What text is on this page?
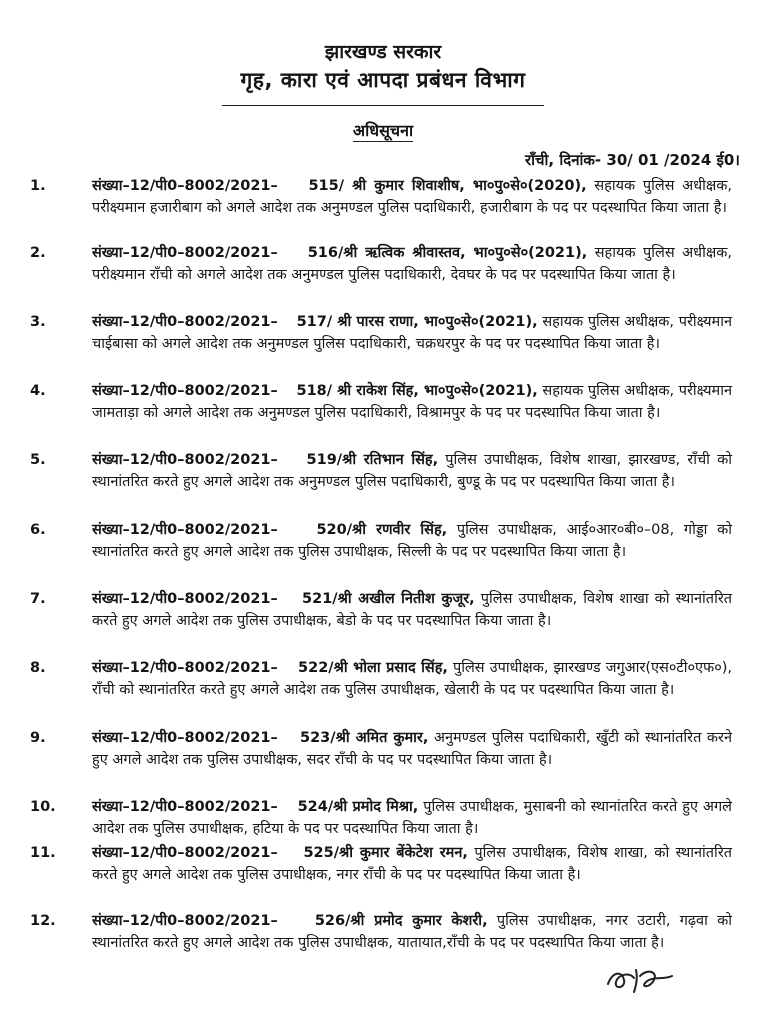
झारखण्ड सरकार
गृह, कारा एवं आपदा प्रबंधन विभाग
अधिसूचना
राँची, दिनांक- 30/ 01 /2024 ई0।
1.	संख्या–12/पी0–8002/2021– 515/ श्री कुमार शिवाशीष, भा०पु०से०(2020), सहायक पुलिस अधीक्षक, परीक्ष्यमान हजारीबाग को अगले आदेश तक अनुमण्डल पुलिस पदाधिकारी, हजारीबाग के पद पर पदस्थापित किया जाता है।
2.	संख्या–12/पी0–8002/2021– 516/श्री ऋत्विक श्रीवास्तव, भा०पु०से०(2021), सहायक पुलिस अधीक्षक, परीक्ष्यमान राँची को अगले आदेश तक अनुमण्डल पुलिस पदाधिकारी, देवघर के पद पर पदस्थापित किया जाता है।
3.	संख्या–12/पी0–8002/2021– 517/ श्री पारस राणा, भा०पु०से०(2021), सहायक पुलिस अधीक्षक, परीक्ष्यमान चाईबासा को अगले आदेश तक अनुमण्डल पुलिस पदाधिकारी, चक्रधरपुर के पद पर पदस्थापित किया जाता है।
4.	संख्या–12/पी0–8002/2021– 518/ श्री राकेश सिंह, भा०पु०से०(2021), सहायक पुलिस अधीक्षक, परीक्ष्यमान जामताड़ा को अगले आदेश तक अनुमण्डल पुलिस पदाधिकारी, विश्रामपुर के पद पर पदस्थापित किया जाता है।
5.	संख्या–12/पी0–8002/2021– 519/श्री रतिभान सिंह, पुलिस उपाधीक्षक, विशेष शाखा, झारखण्ड, राँची को स्थानांतरित करते हुए अगले आदेश तक अनुमण्डल पुलिस पदाधिकारी, बुण्डू के पद पर पदस्थापित किया जाता है।
6.	संख्या–12/पी0–8002/2021–	520/श्री रणवीर सिंह, पुलिस उपाधीक्षक, आई०आर०बी०–08, गोड्डा को स्थानांतरित करते हुए अगले आदेश तक पुलिस उपाधीक्षक, सिल्ली के पद पर पदस्थापित किया जाता है।
7.	संख्या–12/पी0–8002/2021– 521/श्री अखील नितीश कुजूर, पुलिस उपाधीक्षक, विशेष शाखा को स्थानांतरित करते हुए अगले आदेश तक पुलिस उपाधीक्षक, बेडो के पद पर पदस्थापित किया जाता है।
8.	संख्या–12/पी0–8002/2021– 522/श्री भोला प्रसाद सिंह, पुलिस उपाधीक्षक, झारखण्ड जगुआर(एस०टी०एफ०), राँची को स्थानांतरित करते हुए अगले आदेश तक पुलिस उपाधीक्षक, खेलारी के पद पर पदस्थापित किया जाता है।
9.	संख्या–12/पी0–8002/2021– 523/श्री अमित कुमार, अनुमण्डल पुलिस पदाधिकारी, खुँटी को स्थानांतरित करने हुए अगले आदेश तक पुलिस उपाधीक्षक, सदर राँची के पद पर पदस्थापित किया जाता है।
10.	संख्या–12/पी0–8002/2021– 524/श्री प्रमोद मिश्रा, पुलिस उपाधीक्षक, मुसाबनी को स्थानांतरित करते हुए अगले आदेश तक पुलिस उपाधीक्षक, हटिया के पद पर पदस्थापित किया जाता है।
11.	संख्या–12/पी0–8002/2021– 525/श्री कुमार बेंकेटेश रमन, पुलिस उपाधीक्षक, विशेष शाखा, को स्थानांतरित करते हुए अगले आदेश तक पुलिस उपाधीक्षक, नगर राँची के पद पर पदस्थापित किया जाता है।
12.	संख्या–12/पी0–8002/2021–	526/श्री प्रमोद कुमार केशरी, पुलिस उपाधीक्षक, नगर उटारी, गढ़वा को स्थानांतरित करते हुए अगले आदेश तक पुलिस उपाधीक्षक, यातायात,राँची के पद पर पदस्थापित किया जाता है।
